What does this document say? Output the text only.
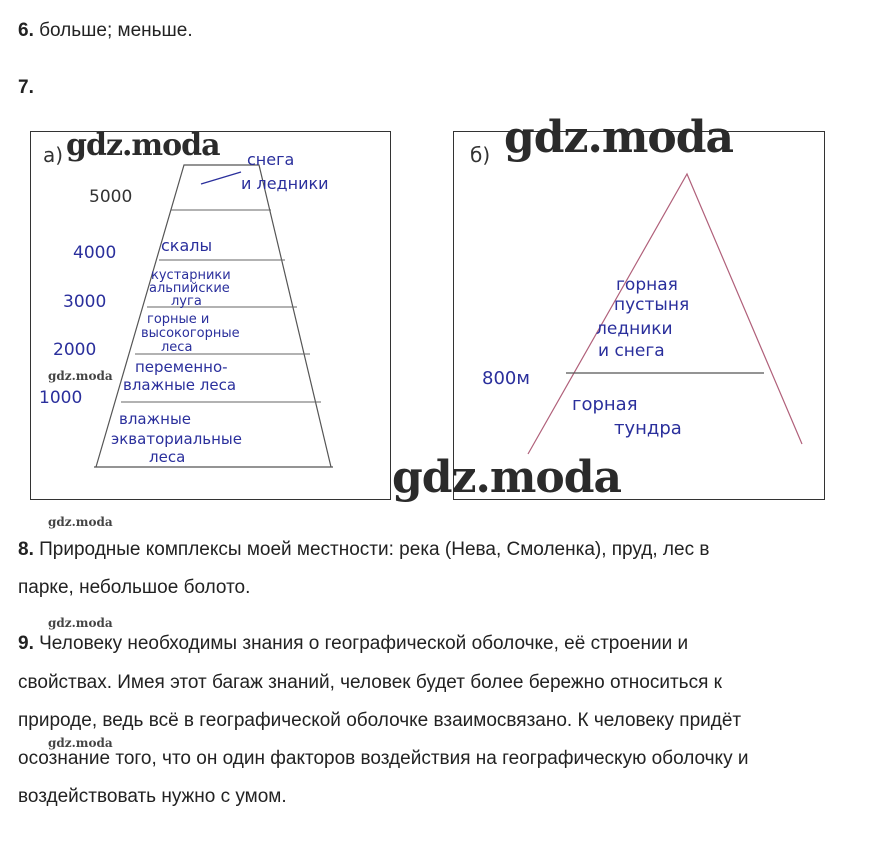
6. больше; меньше.
7.
а)
5000
4000
3000
2000
1000
снега
и ледники
скалы
кустарники
альпийские
луга
горные и
высокогорные
леса
переменно-
влажные леса
влажные
экваториальные
леса
б)
800м
горная
пустыня
ледники
и снега
горная
тундра
gdz.moda	gdz.moda
gdz.moda
gdz.moda
gdz.moda
gdz.moda
gdz.moda
8. Природные комплексы моей местности: река (Нева, Смоленка), пруд, лес в
парке, небольшое болото.
9. Человеку необходимы знания о географической оболочке, её строении и
свойствах. Имея этот багаж знаний, человек будет более бережно относиться к
природе, ведь всё в географической оболочке взаимосвязано. К человеку придёт
осознание того, что он один факторов воздействия на географическую оболочку и
воздействовать нужно с умом.
